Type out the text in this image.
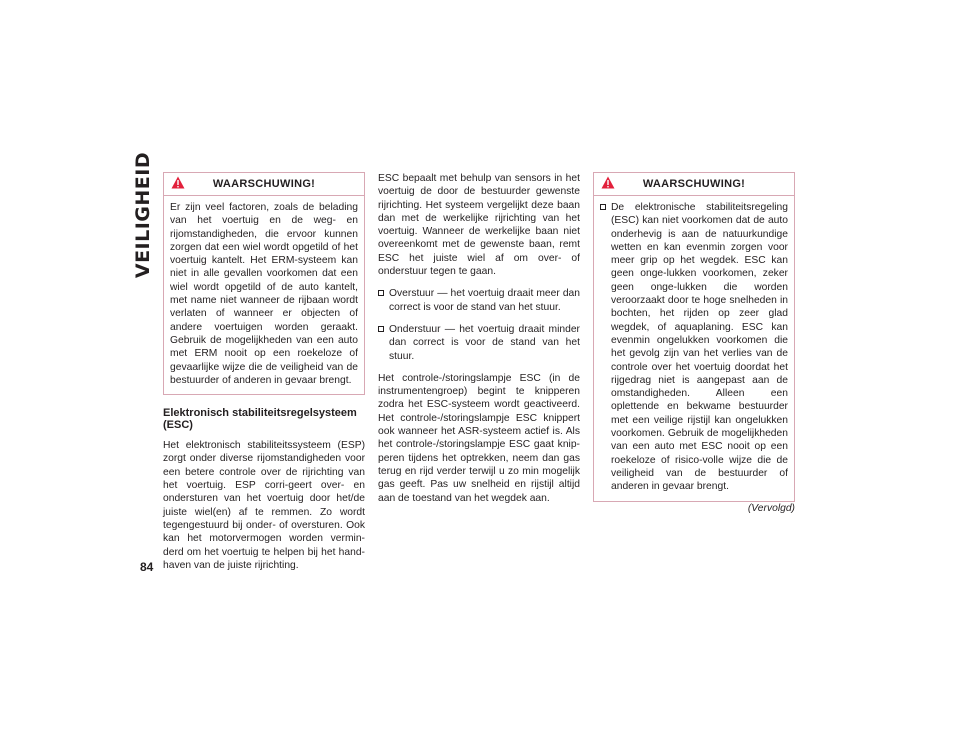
VEILIGHEID
84
WAARSCHUWING!
Er zijn veel factoren, zoals de belading van het voertuig en de weg- en rijomstandigheden, die ervoor kunnen zorgen dat een wiel wordt opgetild of het voertuig kantelt. Het ERM-systeem kan niet in alle gevallen voorkomen dat een wiel wordt opgetild of de auto kantelt, met name niet wanneer de rijbaan wordt verlaten of wanneer er objecten of andere voertuigen worden geraakt. Gebruik de mogelijkheden van een auto met ERM nooit op een roekeloze of gevaarlijke wijze die de veiligheid van de bestuurder of anderen in gevaar brengt.
Elektronisch stabiliteitsregelsysteem (ESC)

Het elektronisch stabiliteitssysteem (ESP) zorgt onder diverse rijomstandigheden voor een betere controle over de rijrichting van het voertuig. ESP corri-geert over- en ondersturen van het voertuig door het/de juiste wiel(en) af te remmen. Zo wordt tegengestuurd bij onder- of oversturen. Ook kan het motorvermogen worden vermin-derd om het voertuig te helpen bij het hand-haven van de juiste rijrichting.

ESC bepaalt met behulp van sensors in het voertuig de door de bestuurder gewenste rijrichting. Het systeem vergelijkt deze baan dan met de werkelijke rijrichting van het voertuig. Wanneer de werkelijke baan niet overeenkomt met de gewenste baan, remt ESC het juiste wiel af om over- of onderstuur tegen te gaan.

Overstuur — het voertuig draait meer dan correct is voor de stand van het stuur.
Onderstuur — het voertuig draait minder dan correct is voor de stand van het stuur.

Het controle-/storingslampje ESC (in de instrumentengroep) begint te knipperen zodra het ESC-systeem wordt geactiveerd. Het controle-/storingslampje ESC knippert ook wanneer het ASR-systeem actief is. Als het controle-/storingslampje ESC gaat knip-peren tijdens het optrekken, neem dan gas terug en rijd verder terwijl u zo min mogelijk gas geeft. Pas uw snelheid en rijstijl altijd aan de toestand van het wegdek aan.

WAARSCHUWING!
De elektronische stabiliteitsregeling (ESC) kan niet voorkomen dat de auto onderhevig is aan de natuurkundige wetten en kan evenmin zorgen voor meer grip op het wegdek. ESC kan geen onge-lukken voorkomen, zeker geen onge-lukken die worden veroorzaakt door te hoge snelheden in bochten, het rijden op zeer glad wegdek, of aquaplaning. ESC kan evenmin ongelukken voorkomen die het gevolg zijn van het verlies van de controle over het voertuig doordat het rijgedrag niet is aangepast aan de omstandigheden. Alleen een oplettende en bekwame bestuurder met een veilige rijstijl kan ongelukken voorkomen. Gebruik de mogelijkheden van een auto met ESC nooit op een roekeloze of risico-volle wijze die de veiligheid van de bestuurder of anderen in gevaar brengt.
(Vervolgd)
